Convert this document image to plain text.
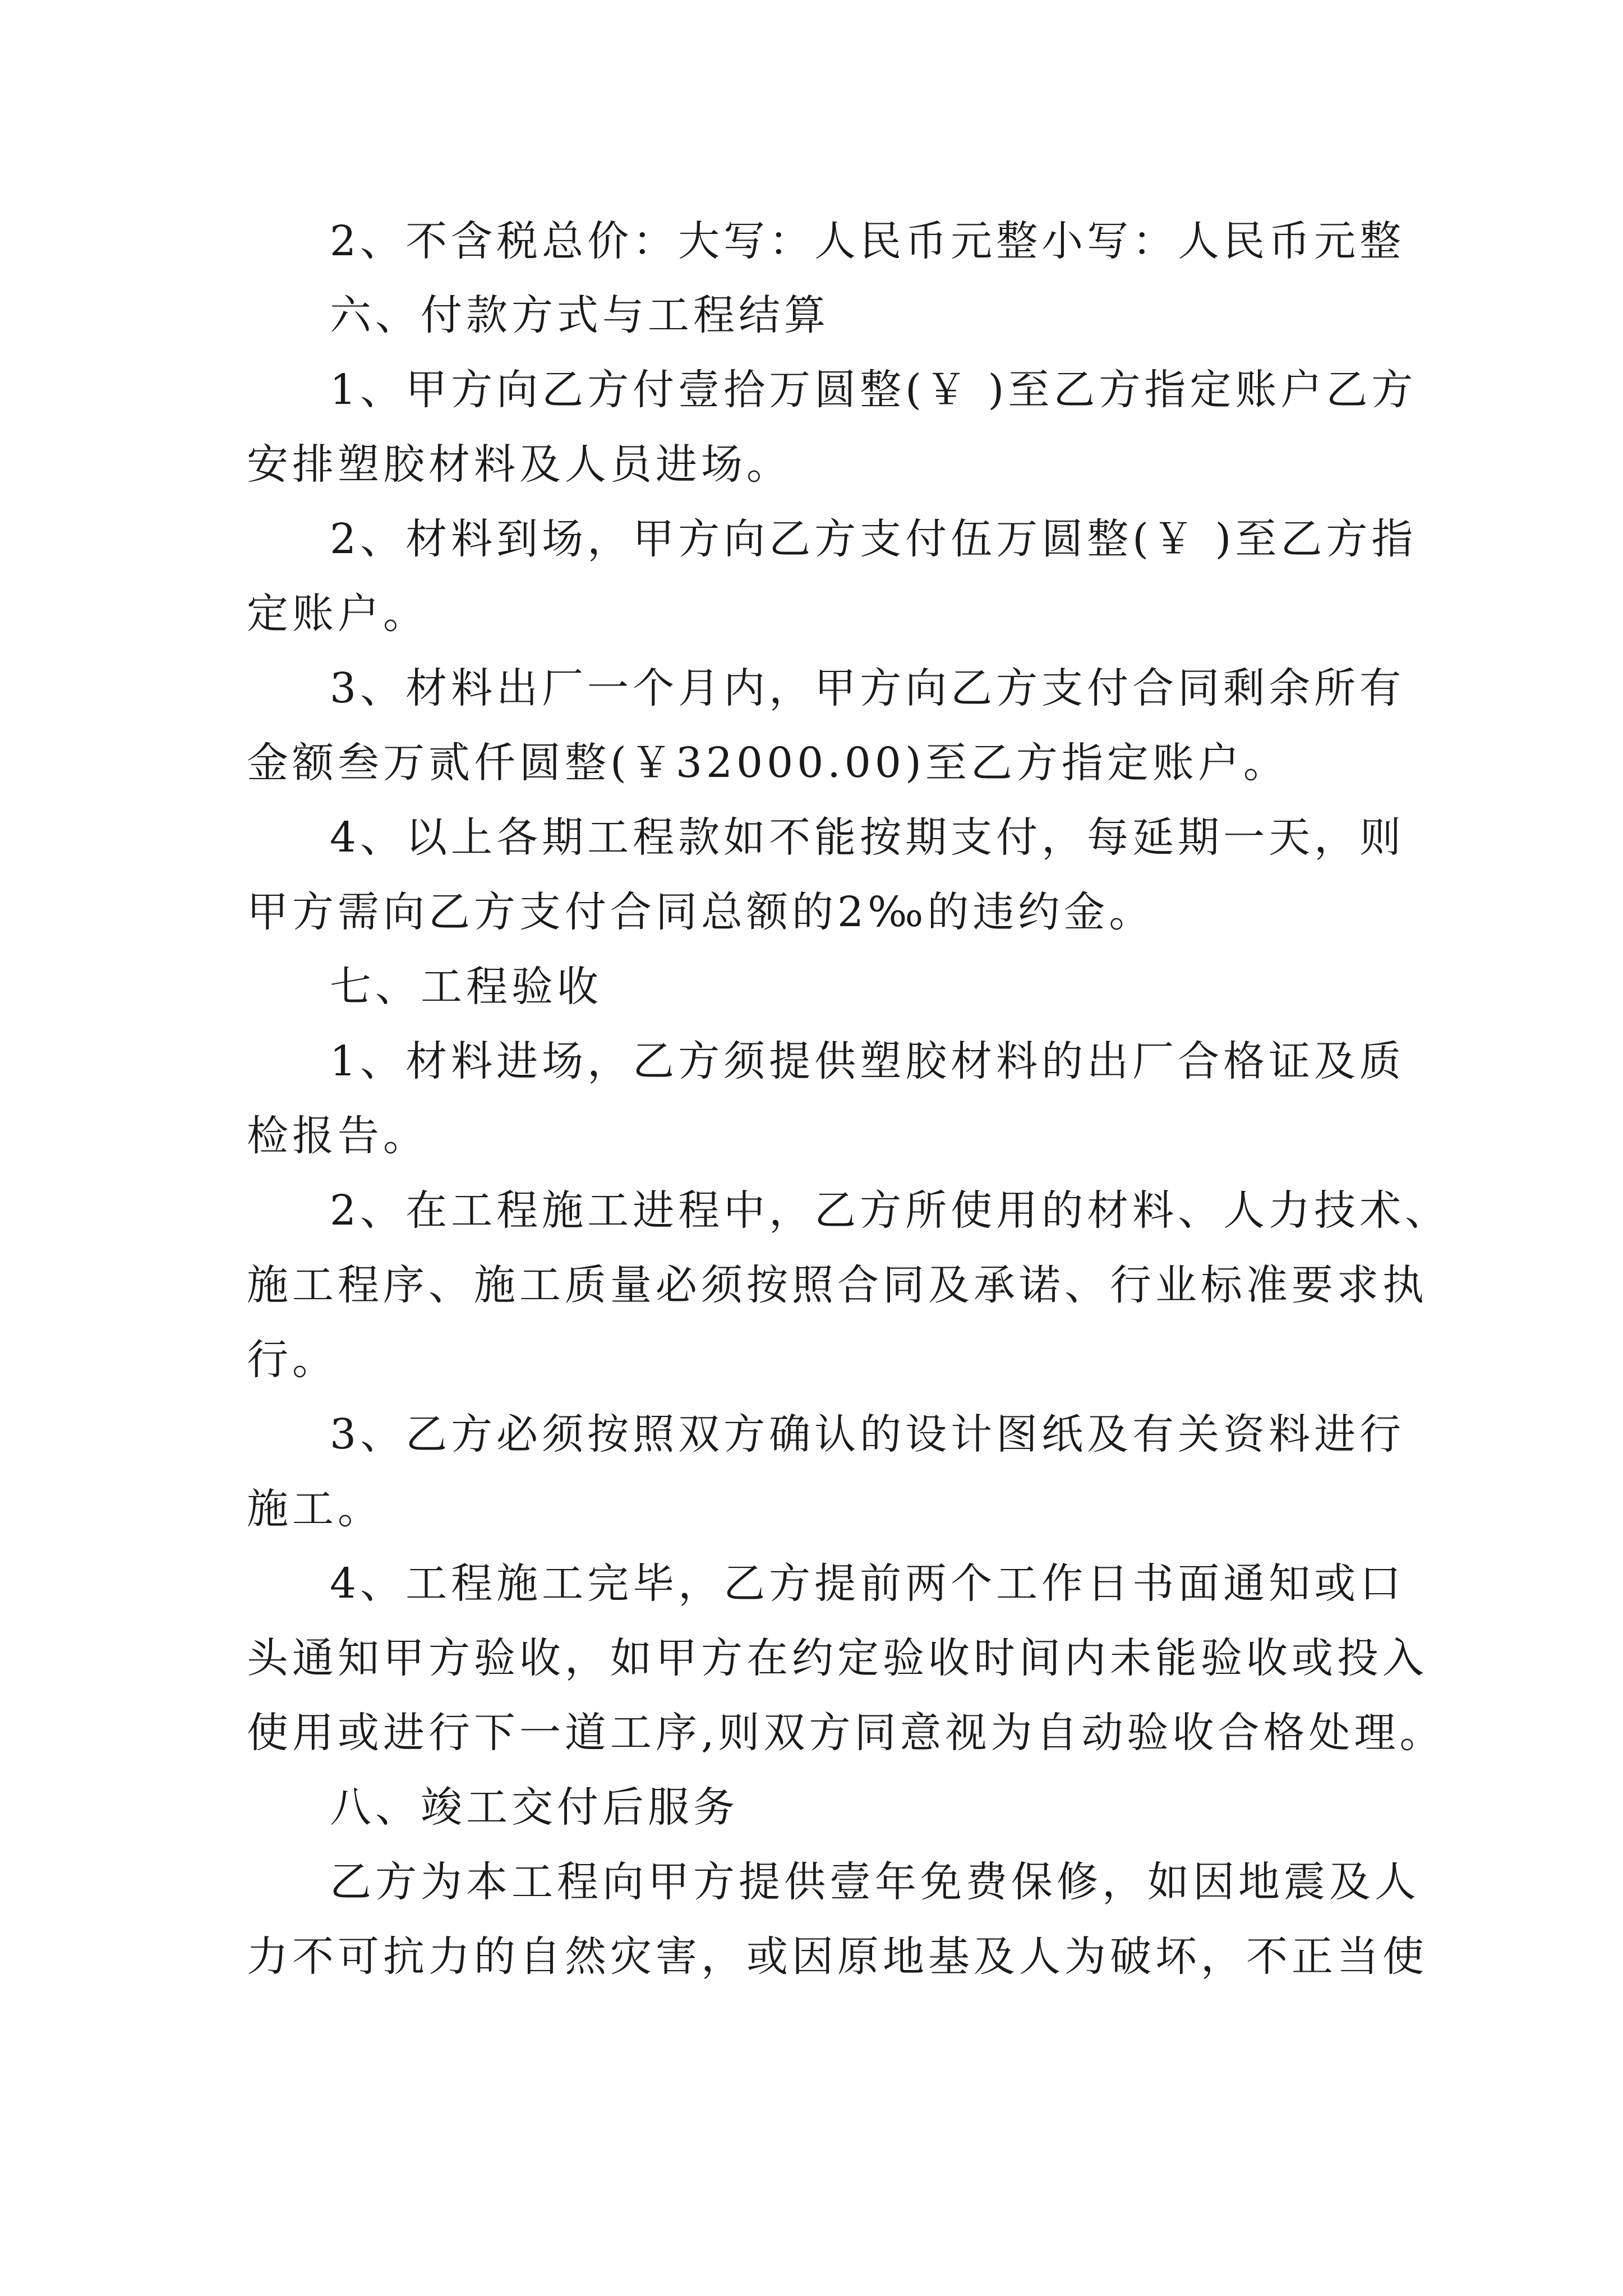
2、不含税总价：大写：人民币元整小写：人民币元整

六、付款方式与工程结算

1、甲方向乙方付壹拾万圆整(￥ )至乙方指定账户乙方

安排塑胶材料及人员进场。

2、材料到场，甲方向乙方支付伍万圆整(￥ )至乙方指

定账户。

3、材料出厂一个月内，甲方向乙方支付合同剩余所有

金额叁万贰仟圆整(￥32000.00)至乙方指定账户。

4、以上各期工程款如不能按期支付，每延期一天，则

甲方需向乙方支付合同总额的2‰的违约金。

七、工程验收

1、材料进场，乙方须提供塑胶材料的出厂合格证及质

检报告。

2、在工程施工进程中，乙方所使用的材料、人力技术、

施工程序、施工质量必须按照合同及承诺、行业标准要求执

行。

3、乙方必须按照双方确认的设计图纸及有关资料进行

施工。

4、工程施工完毕，乙方提前两个工作日书面通知或口

头通知甲方验收，如甲方在约定验收时间内未能验收或投入

使用或进行下一道工序,则双方同意视为自动验收合格处理。

八、竣工交付后服务

乙方为本工程向甲方提供壹年免费保修，如因地震及人

力不可抗力的自然灾害，或因原地基及人为破坏，不正当使
